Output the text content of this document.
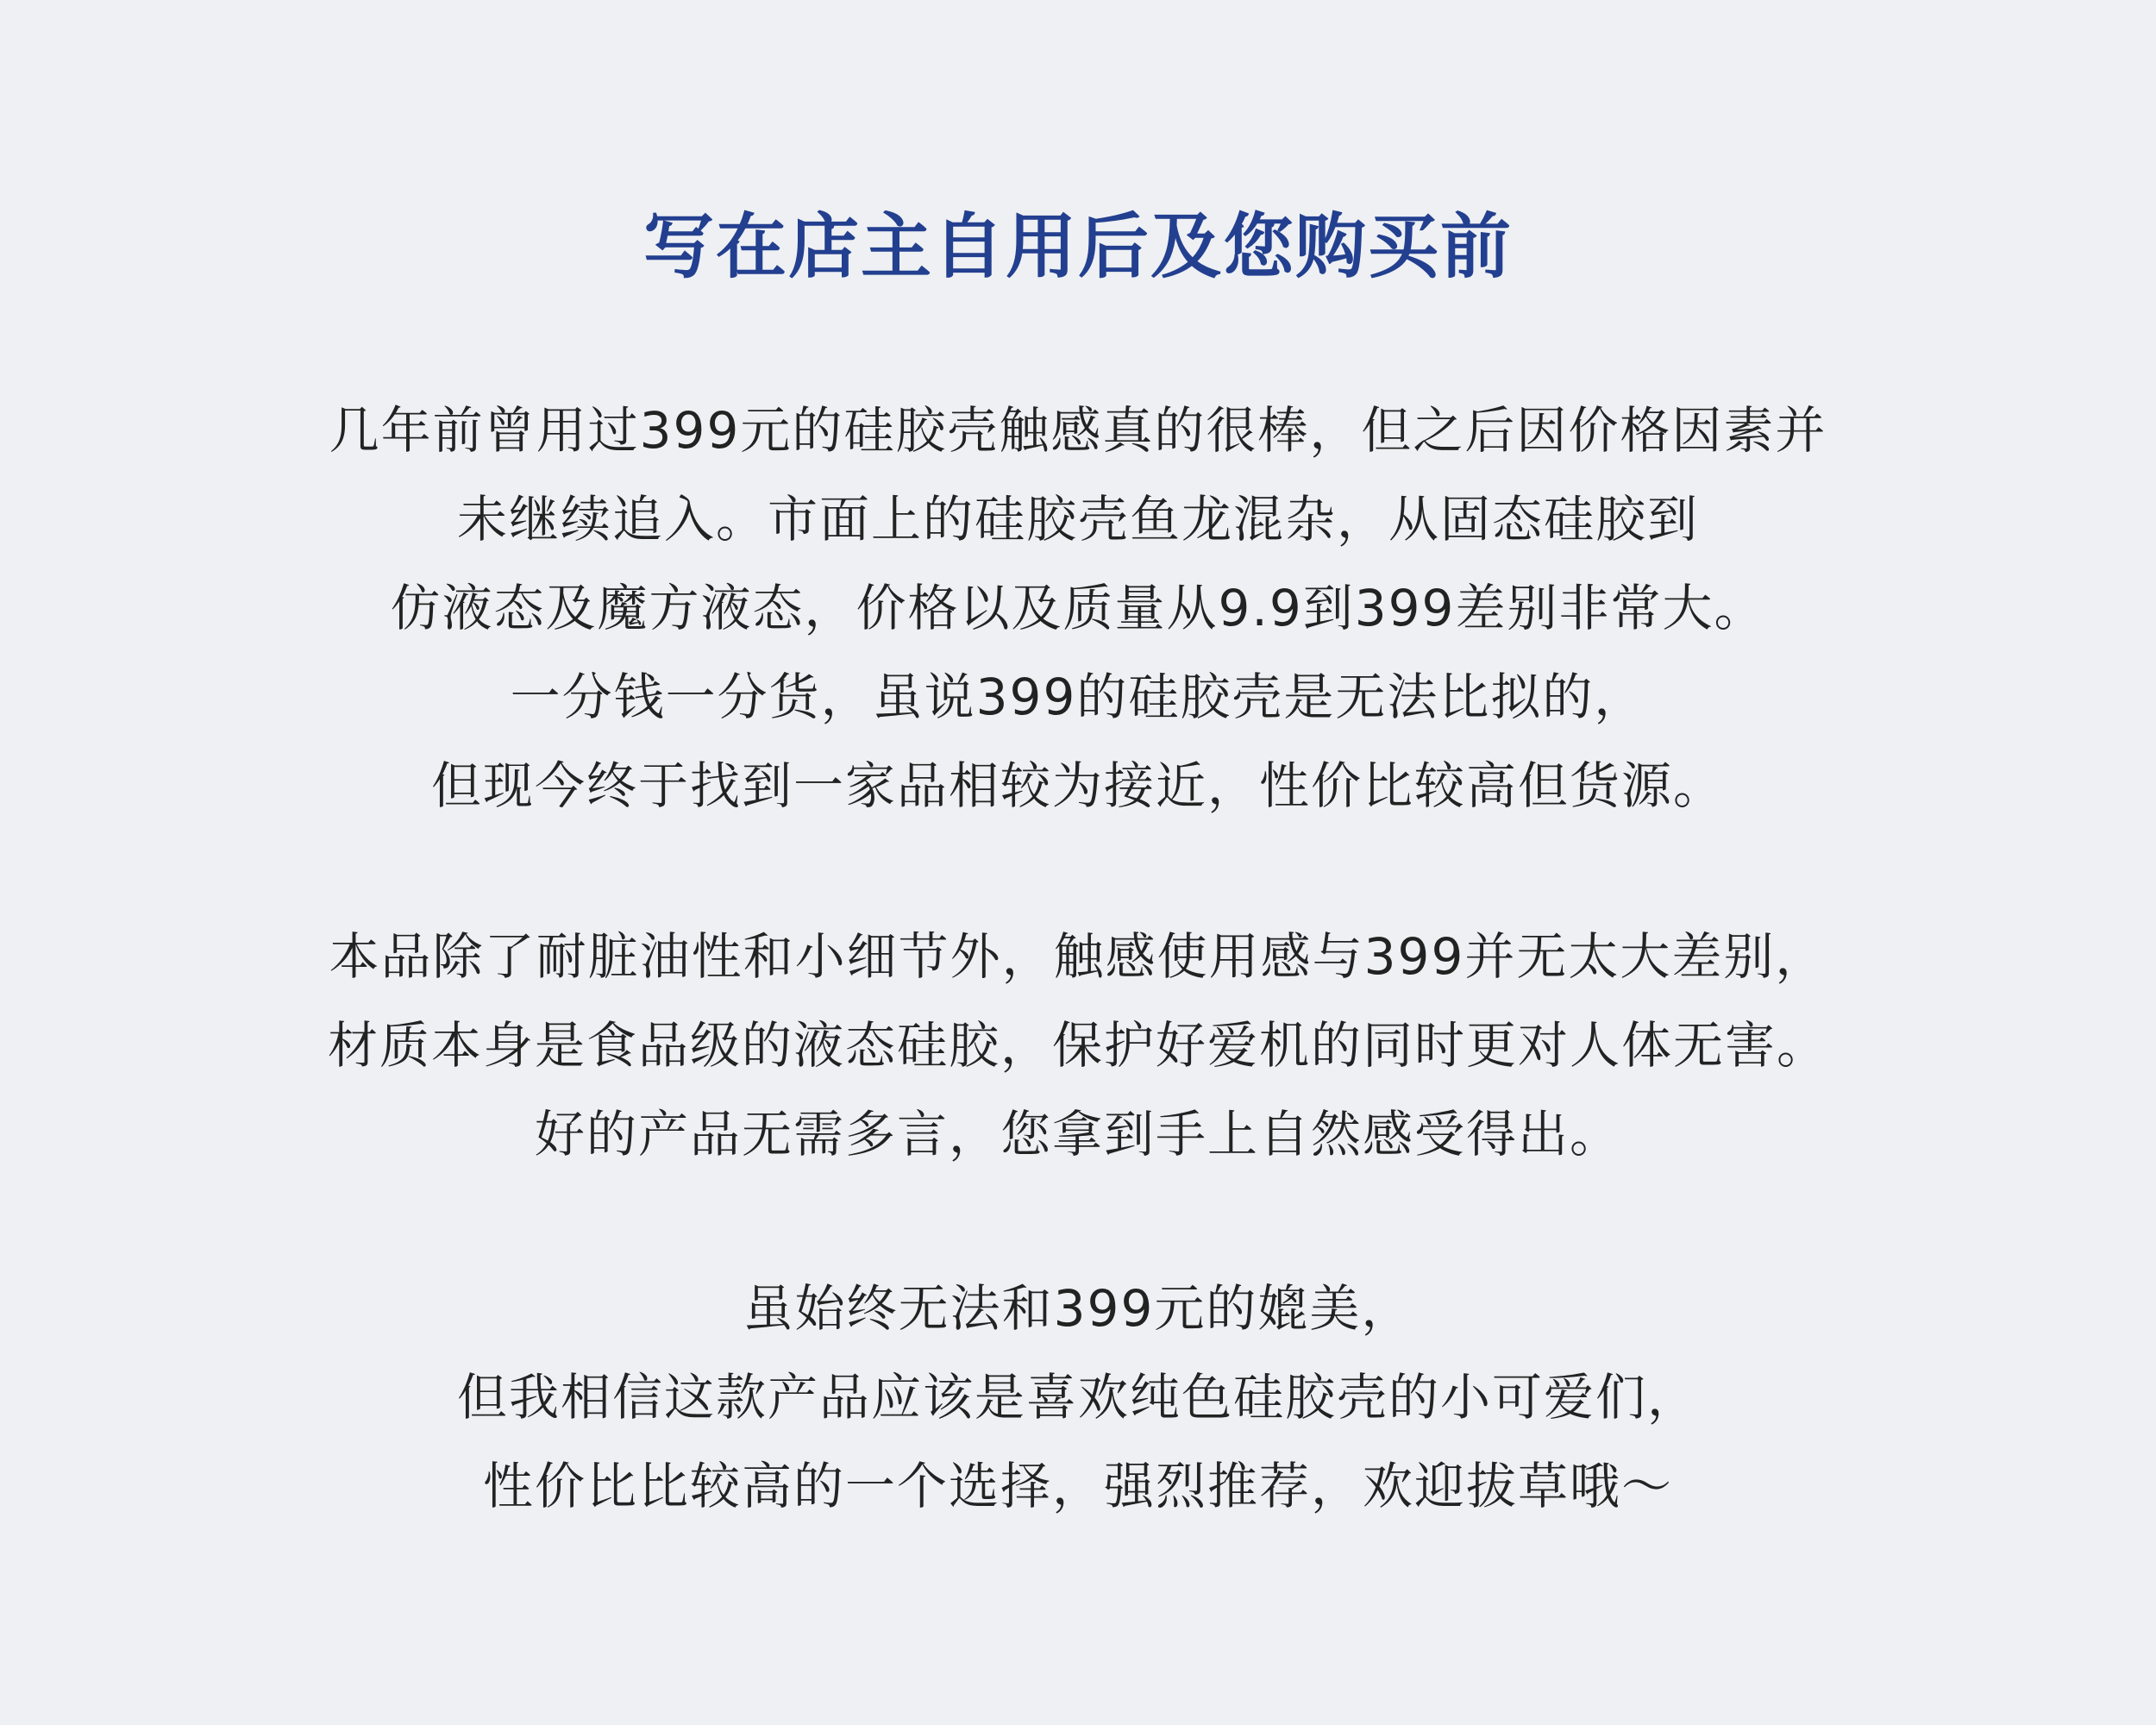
写在店主自用后及您购买前
几年前曾用过399元的硅胶壳触感真的很棒，但之后因价格因素并
未继续追入。市面上的硅胶壳鱼龙混杂，从固态硅胶到
仿液态及魔方液态，价格以及质量从9.9到399差别非常大。
一分钱一分货，虽说399的硅胶壳是无法比拟的，
但现今终于找到一家品相较为接近，性价比较高但货源。
本品除了耐脏油性和小细节外，触感使用感与399并无太大差别，
材质本身是食品级的液态硅胶，保护好爱机的同时更对人体无害。
好的产品无需多言，您拿到手上自然感受得出。
虽始终无法和399元的媲美，
但我相信这款产品应该是喜欢纯色硅胶壳的小可爱们，
性价比比较高的一个选择，强烈推荐，欢迎拔草哦～
